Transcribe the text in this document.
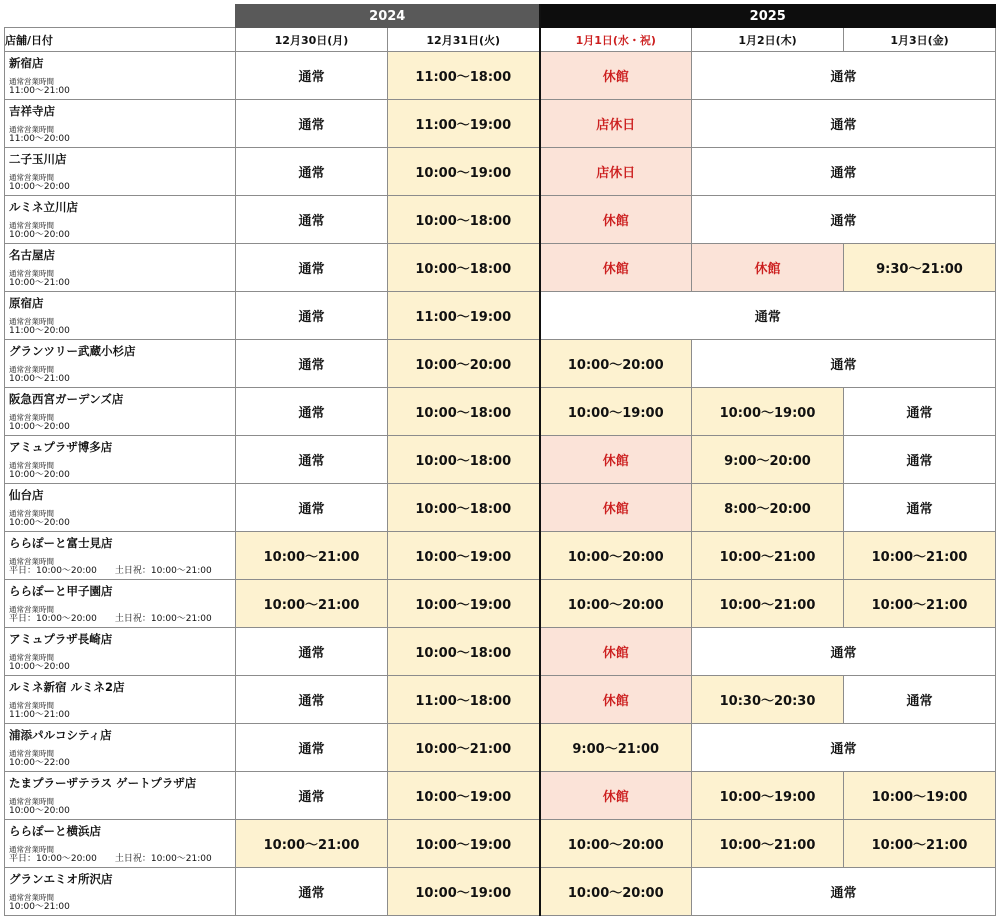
	2024		2025		
店舗/日付	12月30日(月)	12月31日(火)	1月1日(水・祝)	1月2日(木)	1月3日(金)

新宿店
通常営業時間
11:00～21:00	通常	11:00～18:00	休館	通常	

吉祥寺店
通常営業時間
11:00～20:00	通常	11:00～19:00	店休日	通常	

二子玉川店
通常営業時間
10:00～20:00	通常	10:00～19:00	店休日	通常	

ルミネ立川店
通常営業時間
10:00～20:00	通常	10:00～18:00	休館	通常	

名古屋店
通常営業時間
10:00～21:00	通常	10:00～18:00	休館	休館	9:30～21:00

原宿店
通常営業時間
11:00～20:00	通常	11:00～19:00	通常		

グランツリー武蔵小杉店
通常営業時間
10:00～21:00	通常	10:00～20:00	10:00～20:00	通常	

阪急西宮ガーデンズ店
通常営業時間
10:00～20:00	通常	10:00～18:00	10:00～19:00	10:00～19:00	通常

アミュプラザ博多店
通常営業時間
10:00～20:00	通常	10:00～18:00	休館	9:00～20:00	通常

仙台店
通常営業時間
10:00～20:00	通常	10:00～18:00	休館	8:00～20:00	通常

ららぽーと富士見店
通常営業時間
平日：10:00～20:00　　土日祝：10:00～21:00	10:00～21:00	10:00～19:00	10:00～20:00	10:00～21:00	10:00～21:00

ららぽーと甲子園店
通常営業時間
平日：10:00～20:00　　土日祝：10:00～21:00	10:00～21:00	10:00～19:00	10:00～20:00	10:00～21:00	10:00～21:00

アミュプラザ長崎店
通常営業時間
10:00～20:00	通常	10:00～18:00	休館	通常	

ルミネ新宿 ルミネ2店
通常営業時間
11:00～21:00	通常	11:00～18:00	休館	10:30～20:30	通常

浦添パルコシティ店
通常営業時間
10:00～22:00	通常	10:00～21:00	9:00～21:00	通常	

たまプラーザテラス ゲートプラザ店
通常営業時間
10:00～20:00	通常	10:00～19:00	休館	10:00～19:00	10:00～19:00

ららぽーと横浜店
通常営業時間
平日：10:00～20:00　　土日祝：10:00～21:00	10:00～21:00	10:00～19:00	10:00～20:00	10:00～21:00	10:00～21:00

グランエミオ所沢店
通常営業時間
10:00～21:00	通常	10:00～19:00	10:00～20:00	通常	
